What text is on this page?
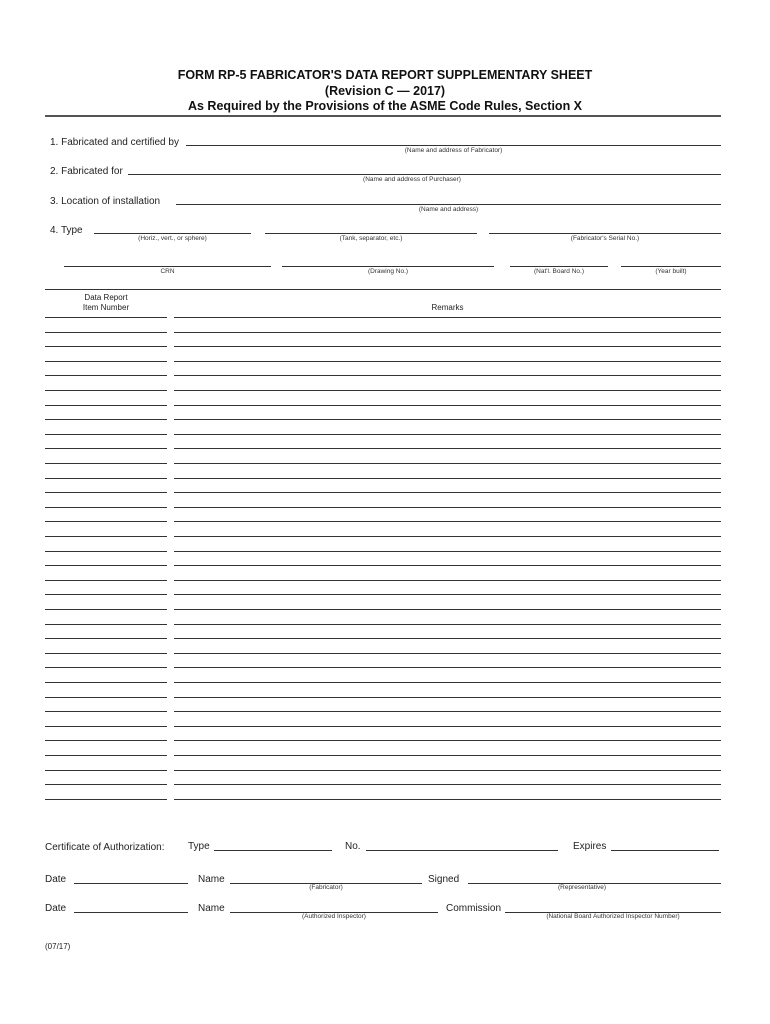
FORM RP-5 FABRICATOR'S DATA REPORT SUPPLEMENTARY SHEET
(Revision C — 2017)
As Required by the Provisions of the ASME Code Rules, Section X
1. Fabricated and certified by
(Name and address of Fabricator)
2. Fabricated for
(Name and address of Purchaser)
3. Location of installation
(Name and address)
4. Type
(Horiz., vert., or sphere)	(Tank, separator, etc.)	(Fabricator's Serial No.)
CRN	(Drawing No.)	(Nat'l. Board No.)	(Year built)
Data Report
Item Number	Remarks
Certificate of Authorization: Type	No.	Expires
Date	Name
(Fabricator)
Signed
(Representative)
Date	Name
(Authorized Inspector)
Commission
(National Board Authorized Inspector Number)
(07/17)
